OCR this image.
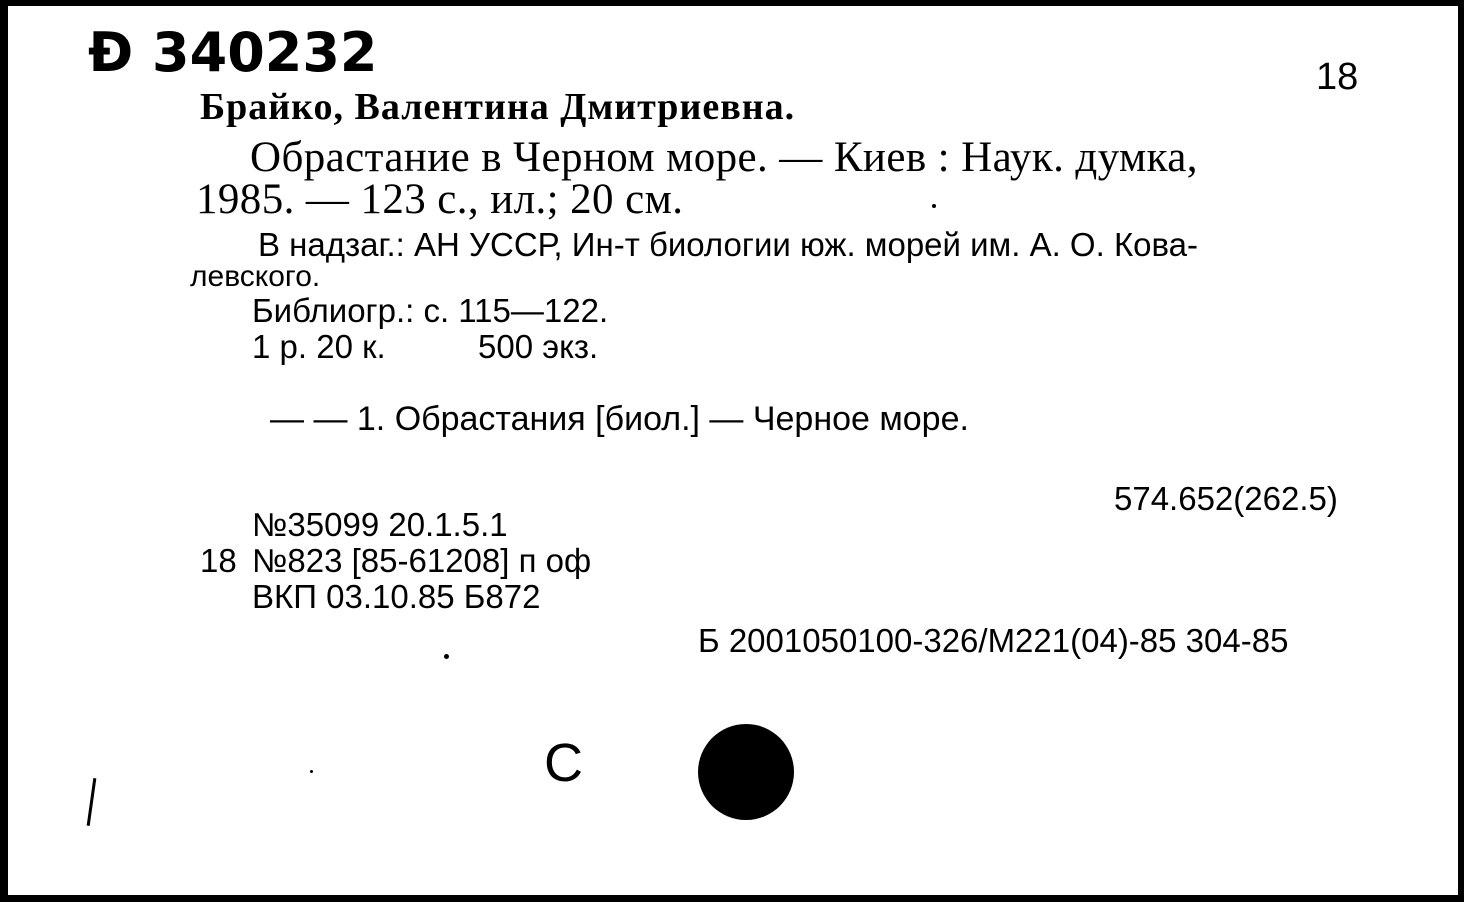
Ð 340232	18
Брайко, Валентина Дмитриевна.
Обрастание в Черном море. — Киев : Наук. думка,
1985. — 123 с., ил.; 20 см.
В надзаг.: АН УССР, Ин-т биологии юж. морей им. А. О. Кова-
левского.
Библиогр.: с. 115—122.
1 р. 20 к.	500 экз.
— — 1. Обрастания [биол.] — Черное море.
574.652(262.5)
№35099 20.1.5.1
18 №823 [85-61208] п оф
ВКП 03.10.85 Б872
Б 2001050100-326/М221(04)-85 304-85
С
